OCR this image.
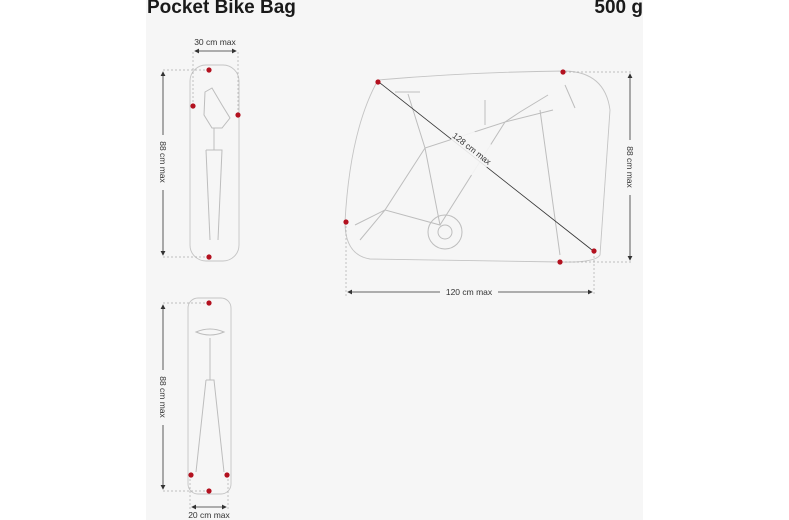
Pocket Bike Bag	500 g
30 cm max
88 cm max	128 cm max	88 cm max
120 cm max
88 cm max
20 cm max
